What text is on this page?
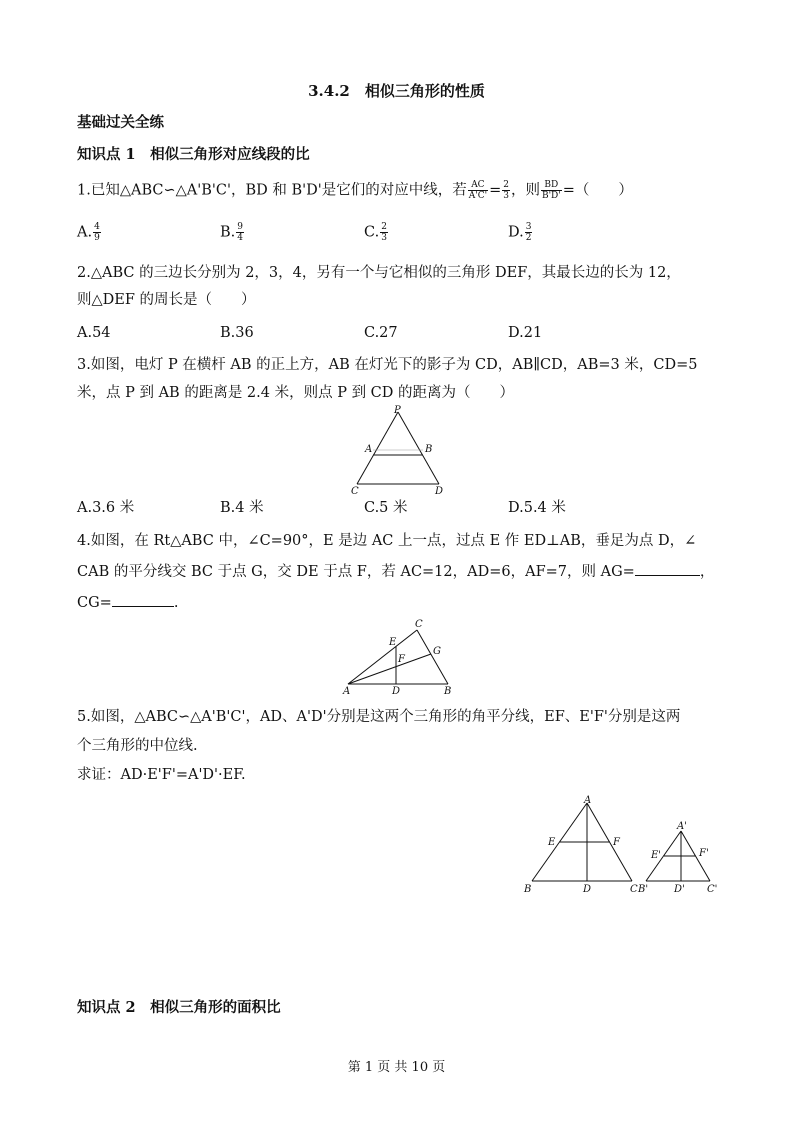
3.4.2　相似三角形的性质
基础过关全练
知识点 1　相似三角形对应线段的比
1.已知△ABC∽△A'B'C'，BD 和 B'D'是它们的对应中线，若 $\frac{AC}{A'C'} = \frac{2}{3}$ ，则 $\frac{BD}{B'D'}$ =（　　）
A. $\frac{4}{9}$	B. $\frac{9}{4}$	C. $\frac{2}{3}$	D. $\frac{3}{2}$
2.△ABC 的三边长分别为 2，3，4，另有一个与它相似的三角形 DEF，其最长边的长为 12，
则△DEF 的周长是（　　）
A.54	B.36	C.27	D.21
3.如图，电灯 P 在横杆 AB 的正上方，AB 在灯光下的影子为 CD，AB∥CD，AB=3 米，CD=5
米，点 P 到 AB 的距离是 2.4 米，则点 P 到 CD 的距离为（　　）
P
A	B
C	D
A.3.6 米	B.4 米	C.5 米	D.5.4 米
4.如图，在 Rt△ABC 中，∠C=90°，E 是边 AC 上一点，过点 E 作 ED⊥AB，垂足为点 D，∠
CAB 的平分线交 BC 于点 G，交 DE 于点 F，若 AC=12，AD=6，AF=7，则 AG=	，
CG=	.
A	B
C
D
E
F
G
5.如图，△ABC∽△A'B'C'，AD、A'D'分别是这两个三角形的角平分线，EF、E'F'分别是这两
个三角形的中位线.
求证：AD·E'F'=A'D'·EF.
A
B	C
D
E	F
A'
B'	C'
D'
E'	F'
知识点 2　相似三角形的面积比
第 1 页 共 10 页
